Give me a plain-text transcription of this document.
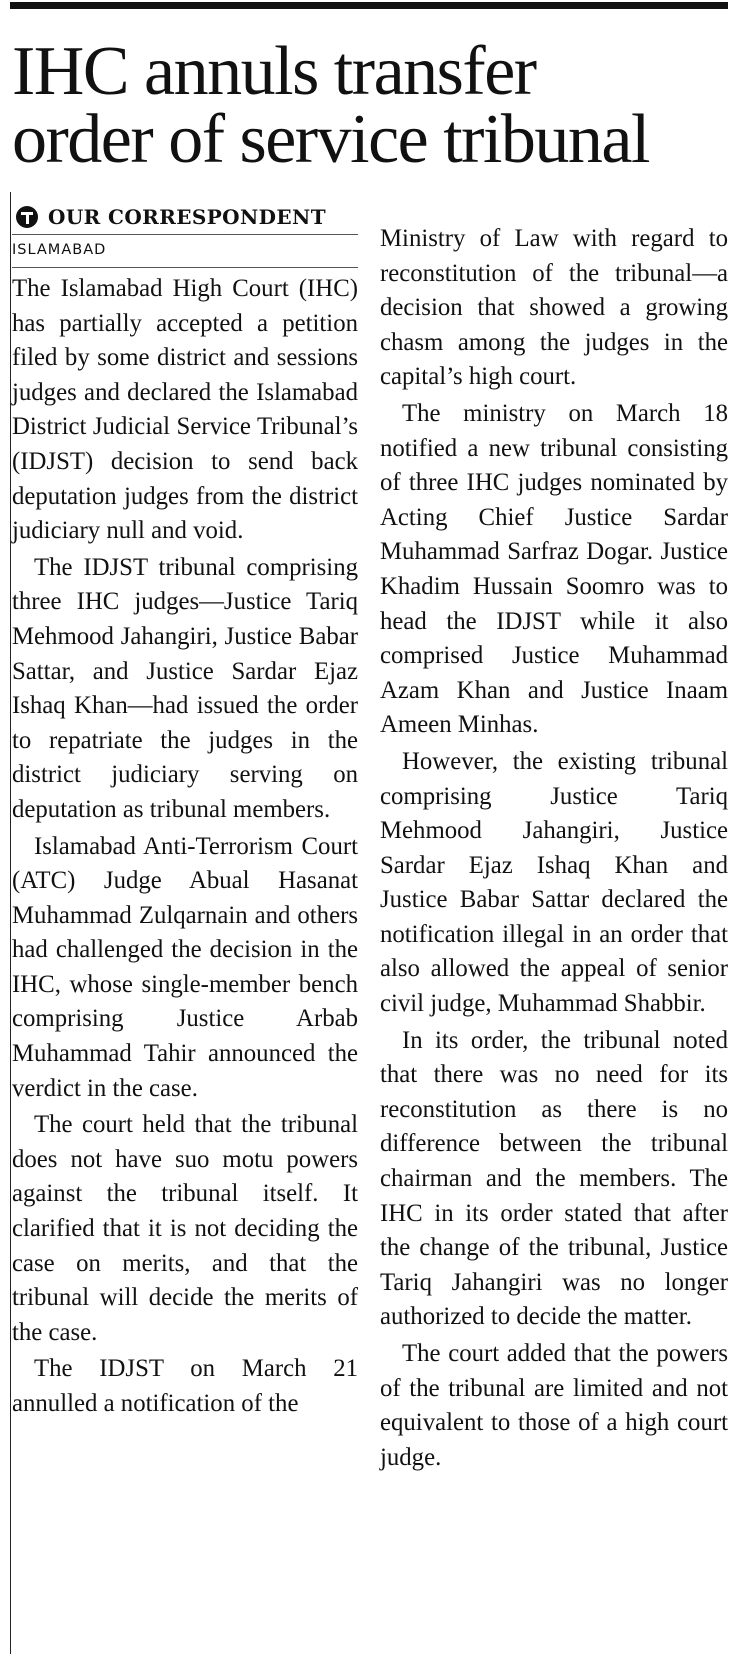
IHC annuls transfer
order of service tribunal
OUR CORRESPONDENT
ISLAMABAD

The Islamabad High Court (IHC) has partially accepted a petition filed by some district and sessions judges and declared the Islamabad District Judicial Service Tribunal’s (IDJST) decision to send back deputation judges from the district judiciary null and void.

The IDJST tribunal comprising three IHC judges—Justice Tariq Mehmood Jahangiri, Justice Babar Sattar, and Justice Sardar Ejaz Ishaq Khan—had issued the order to repatriate the judges in the district judiciary serving on deputation as tribunal members.

Islamabad Anti-Terrorism Court (ATC) Judge Abual Hasanat Muhammad Zulqarnain and others had challenged the decision in the IHC, whose single-member bench comprising Justice Arbab Muhammad Tahir announced the verdict in the case.

The court held that the tribunal does not have suo motu powers against the tribunal itself. It clarified that it is not deciding the case on merits, and that the tribunal will decide the merits of the case.

The IDJST on March 21 annulled a notification of the

Ministry of Law with regard to reconstitution of the tribunal—a decision that showed a growing chasm among the judges in the capital’s high court.

The ministry on March 18 notified a new tribunal consisting of three IHC judges nominated by Acting Chief Justice Sardar Muhammad Sarfraz Dogar. Justice Khadim Hussain Soomro was to head the IDJST while it also comprised Justice Muhammad Azam Khan and Justice Inaam Ameen Minhas.

However, the existing tribunal comprising Justice Tariq Mehmood Jahangiri, Justice Sardar Ejaz Ishaq Khan and Justice Babar Sattar declared the notification illegal in an order that also allowed the appeal of senior civil judge, Muhammad Shabbir.

In its order, the tribunal noted that there was no need for its reconstitution as there is no difference between the tribunal chairman and the members. The IHC in its order stated that after the change of the tribunal, Justice Tariq Jahangiri was no longer authorized to decide the matter.

The court added that the powers of the tribunal are limited and not equivalent to those of a high court judge.
